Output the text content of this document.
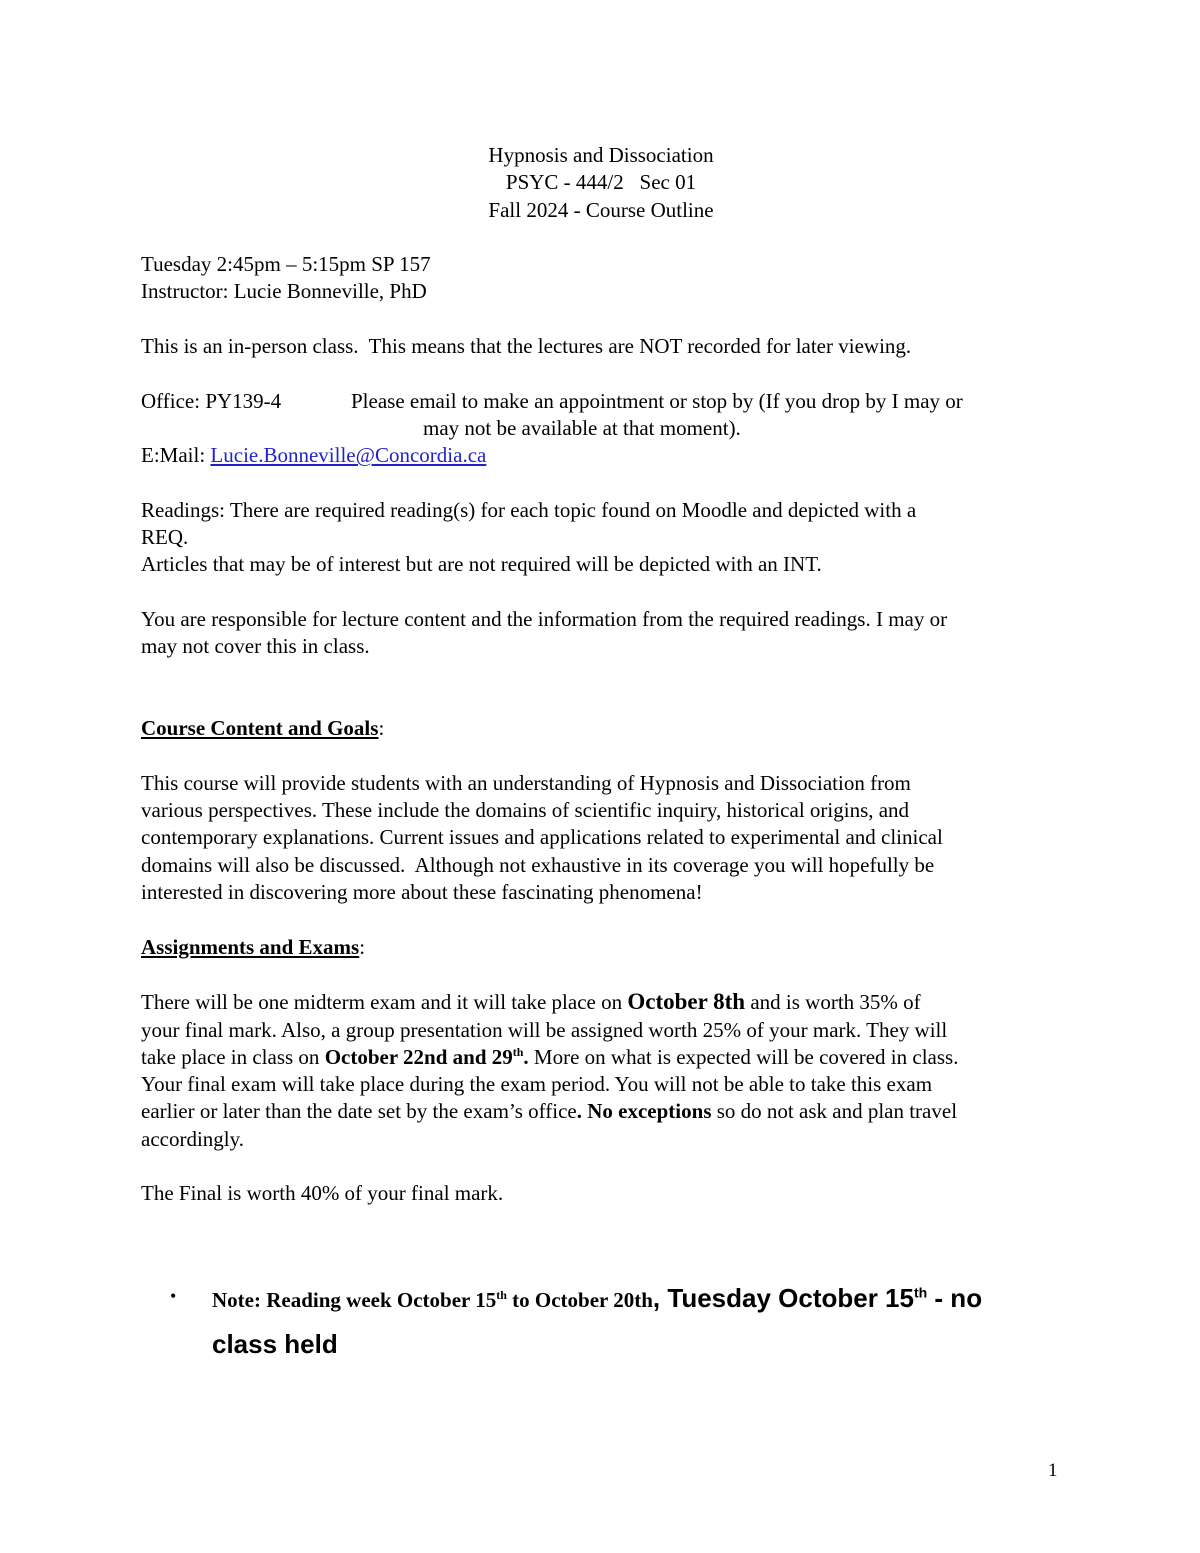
Hypnosis and Dissociation

PSYC - 444/2   Sec 01

Fall 2024 - Course Outline

Tuesday 2:45pm – 5:15pm SP 157

Instructor: Lucie Bonneville, PhD

This is an in-person class.  This means that the lectures are NOT recorded for later viewing.

Office: PY139-4	Please email to make an appointment or stop by (If you drop by I may or

may not be available at that moment).

E:Mail: Lucie.Bonneville@Concordia.ca

Readings: There are required reading(s) for each topic found on Moodle and depicted with a

REQ.

Articles that may be of interest but are not required will be depicted with an INT.

You are responsible for lecture content and the information from the required readings. I may or

may not cover this in class.

Course Content and Goals:

This course will provide students with an understanding of Hypnosis and Dissociation from

various perspectives. These include the domains of scientific inquiry, historical origins, and

contemporary explanations. Current issues and applications related to experimental and clinical

domains will also be discussed.  Although not exhaustive in its coverage you will hopefully be

interested in discovering more about these fascinating phenomena!

Assignments and Exams:

There will be one midterm exam and it will take place on October 8th and is worth 35% of

your final mark. Also, a group presentation will be assigned worth 25% of your mark. They will

take place in class on October 22nd and 29th. More on what is expected will be covered in class.

Your final exam will take place during the exam period. You will not be able to take this exam

earlier or later than the date set by the exam’s office. No exceptions so do not ask and plan travel

accordingly.

The Final is worth 40% of your final mark.

•	Note: Reading week October 15th to October 20th, Tuesday October 15th - no
class held
1
